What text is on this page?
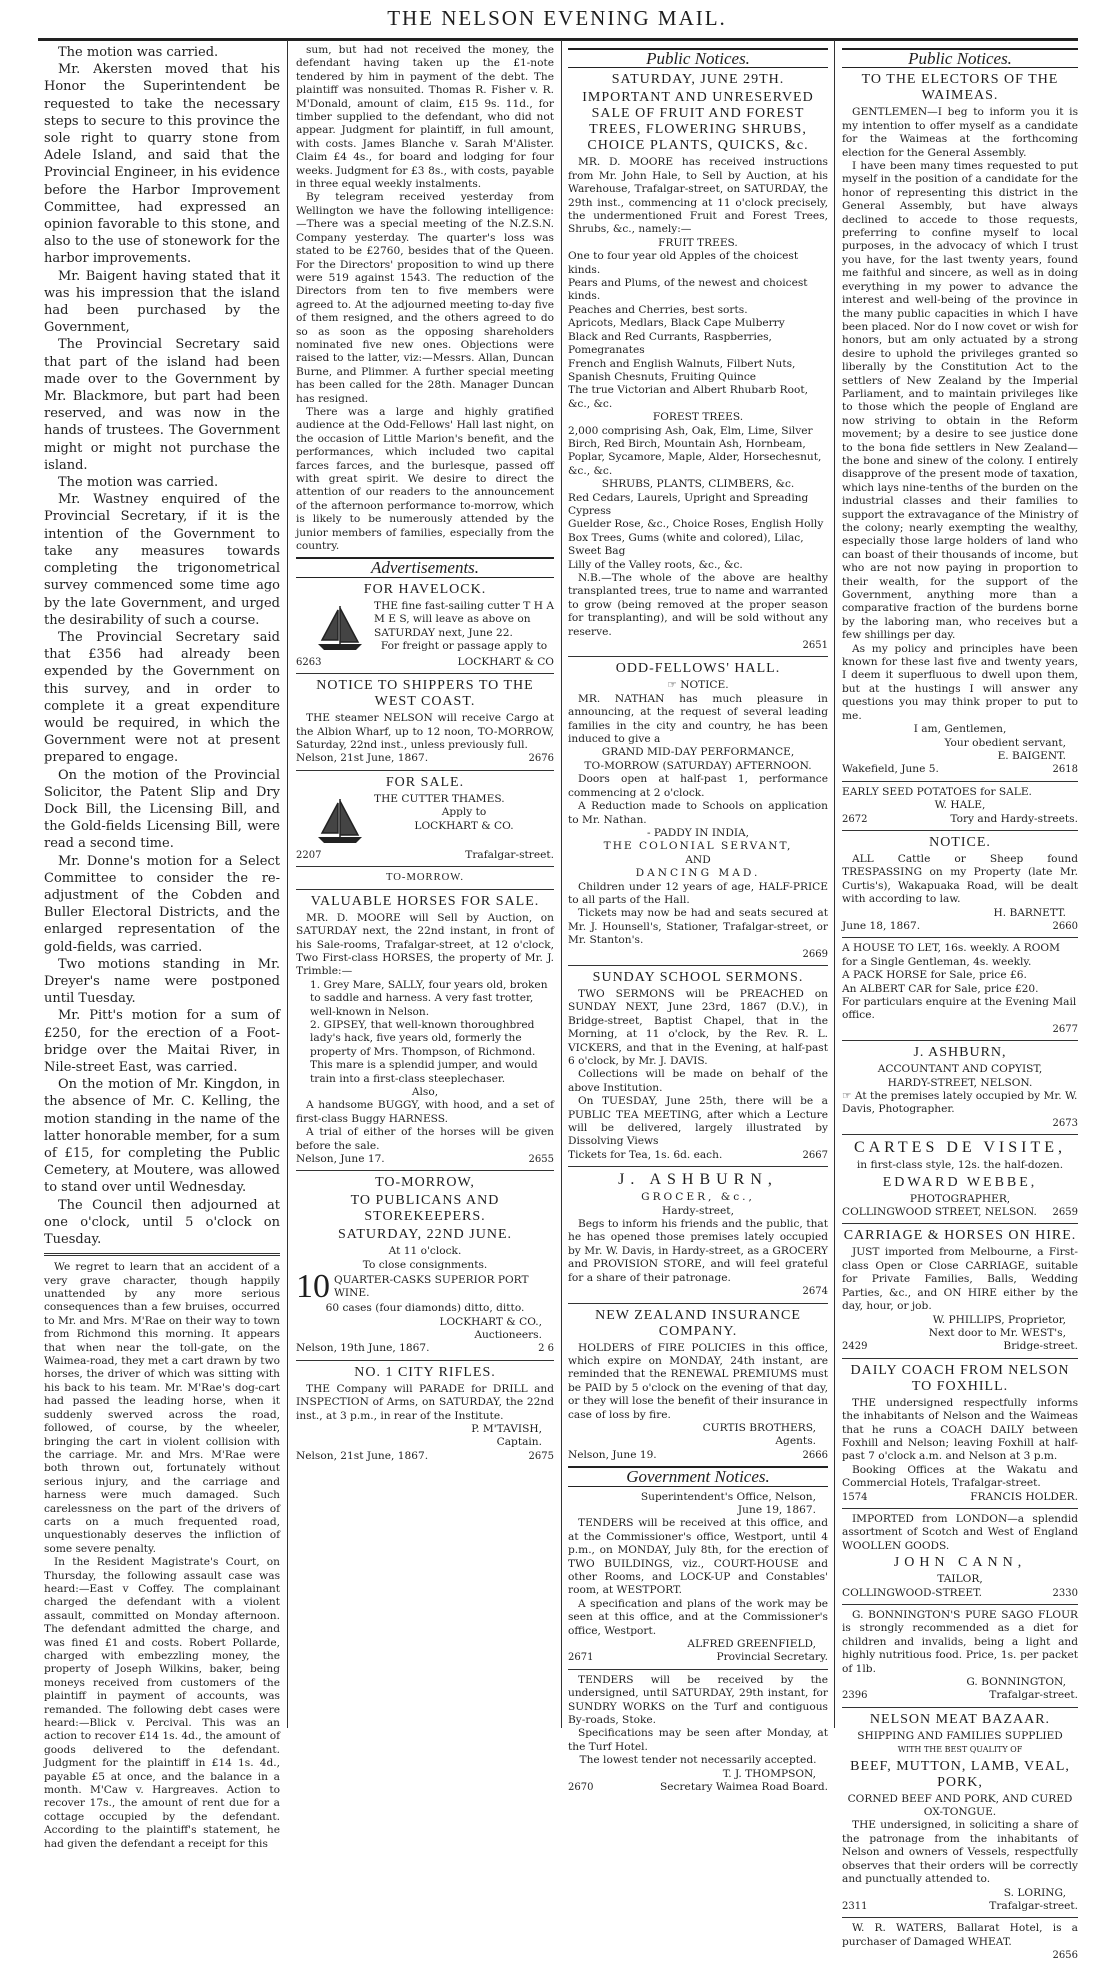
THE NELSON EVENING MAIL.

The motion was carried.

Mr. Akersten moved that his Honor the Superintendent be requested to take the necessary steps to secure to this province the sole right to quarry stone from Adele Island, and said that the Provincial Engineer, in his evidence before the Harbor Improvement Committee, had expressed an opinion favorable to this stone, and also to the use of stonework for the harbor improvements.

Mr. Baigent having stated that it was his impression that the island had been purchased by the Government,

The Provincial Secretary said that part of the island had been made over to the Government by Mr. Blackmore, but part had been reserved, and was now in the hands of trustees. The Government might or might not purchase the island.

The motion was carried.

Mr. Wastney enquired of the Provincial Secretary, if it is the intention of the Government to take any measures towards completing the trigonometrical survey commenced some time ago by the late Government, and urged the desirability of such a course.

The Provincial Secretary said that £356 had already been expended by the Government on this survey, and in order to complete it a great expenditure would be required, in which the Government were not at present prepared to engage.

On the motion of the Provincial Solicitor, the Patent Slip and Dry Dock Bill, the Licensing Bill, and the Gold-fields Licensing Bill, were read a second time.

Mr. Donne's motion for a Select Committee to consider the re-adjustment of the Cobden and Buller Electoral Districts, and the enlarged representation of the gold-fields, was carried.

Two motions standing in Mr. Dreyer's name were postponed until Tuesday.

Mr. Pitt's motion for a sum of £250, for the erection of a Foot-bridge over the Maitai River, in Nile-street East, was carried.

On the motion of Mr. Kingdon, in the absence of Mr. C. Kelling, the motion standing in the name of the latter honorable member, for a sum of £15, for completing the Public Cemetery, at Moutere, was allowed to stand over until Wednesday.

The Council then adjourned at one o'clock, until 5 o'clock on Tuesday.

We regret to learn that an accident of a very grave character, though happily unattended by any more serious consequences than a few bruises, occurred to Mr. and Mrs. M'Rae on their way to town from Richmond this morning. It appears that when near the toll-gate, on the Waimea-road, they met a cart drawn by two horses, the driver of which was sitting with his back to his team. Mr. M'Rae's dog-cart had passed the leading horse, when it suddenly swerved across the road, followed, of course, by the wheeler, bringing the cart in violent collision with the carriage. Mr. and Mrs. M'Rae were both thrown out, fortunately without serious injury, and the carriage and harness were much damaged. Such carelessness on the part of the drivers of carts on a much frequented road, unquestionably deserves the infliction of some severe penalty.

In the Resident Magistrate's Court, on Thursday, the following assault case was heard:—East v Coffey. The complainant charged the defendant with a violent assault, committed on Monday afternoon. The defendant admitted the charge, and was fined £1 and costs. Robert Pollarde, charged with embezzling money, the property of Joseph Wilkins, baker, being moneys received from customers of the plaintiff in payment of accounts, was remanded. The following debt cases were heard:—Blick v. Percival. This was an action to recover £14 1s. 4d., the amount of goods delivered to the defendant. Judgment for the plaintiff in £14 1s. 4d., payable £5 at once, and the balance in a month. M'Caw v. Hargreaves. Action to recover 17s., the amount of rent due for a cottage occupied by the defendant. According to the plaintiff's statement, he had given the defendant a receipt for this

sum, but had not received the money, the defendant having taken up the £1-note tendered by him in payment of the debt. The plaintiff was nonsuited. Thomas R. Fisher v. R. M'Donald, amount of claim, £15 9s. 11d., for timber supplied to the defendant, who did not appear. Judgment for plaintiff, in full amount, with costs. James Blanche v. Sarah M'Alister. Claim £4 4s., for board and lodging for four weeks. Judgment for £3 8s., with costs, payable in three equal weekly instalments.

By telegram received yesterday from Wellington we have the following intelligence:—There was a special meeting of the N.Z.S.N. Company yesterday. The quarter's loss was stated to be £2760, besides that of the Queen. For the Directors' proposition to wind up there were 519 against 1543. The reduction of the Directors from ten to five members were agreed to. At the adjourned meeting to-day five of them resigned, and the others agreed to do so as soon as the opposing shareholders nominated five new ones. Objections were raised to the latter, viz:—Messrs. Allan, Duncan Burne, and Plimmer. A further special meeting has been called for the 28th. Manager Duncan has resigned.

There was a large and highly gratified audience at the Odd-Fellows' Hall last night, on the occasion of Little Marion's benefit, and the performances, which included two capital farces farces, and the burlesque, passed off with great spirit. We desire to direct the attention of our readers to the announcement of the afternoon performance to-morrow, which is likely to be numerously attended by the junior members of families, especially from the country.

Advertisements.
FOR HAVELOCK.
THE fine fast-sailing cutter T H A M E S, will leave as above on SATURDAY next, June 22.
For freight or passage apply to
6263	LOCKHART & CO
NOTICE TO SHIPPERS TO THE WEST COAST.

THE steamer NELSON will receive Cargo at the Albion Wharf, up to 12 noon, TO-MORROW, Saturday, 22nd inst., unless previously full.

Nelson, 21st June, 1867.	2676
FOR SALE.
THE CUTTER THAMES.
Apply to
LOCKHART & CO.
2207	Trafalgar-street.
TO-MORROW.
VALUABLE HORSES FOR SALE.

MR. D. MOORE will Sell by Auction, on SATURDAY next, the 22nd instant, in front of his Sale-rooms, Trafalgar-street, at 12 o'clock, Two First-class HORSES, the property of Mr. J. Trimble:—

1. Grey Mare, SALLY, four years old, broken to saddle and harness. A very fast trotter, well-known in Nelson.
2. GIPSEY, that well-known thoroughbred lady's hack, five years old, formerly the property of Mrs. Thompson, of Richmond. This mare is a splendid jumper, and would train into a first-class steeplechaser.
Also,

A handsome BUGGY, with hood, and a set of first-class Buggy HARNESS.

A trial of either of the horses will be given before the sale.

Nelson, June 17.	2655
TO-MORROW,
TO PUBLICANS AND STOREKEEPERS.
SATURDAY, 22ND JUNE.
At 11 o'clock.
To close consignments.
10 QUARTER-CASKS SUPERIOR PORT WINE.
60 cases (four diamonds) ditto, ditto.
LOCKHART & CO.,
Auctioneers.
Nelson, 19th June, 1867.	2 6
NO. 1 CITY RIFLES.

THE Company will PARADE for DRILL and INSPECTION of Arms, on SATURDAY, the 22nd inst., at 3 p.m., in rear of the Institute.

P. M'TAVISH,
Captain.
Nelson, 21st June, 1867.	2675
Public Notices.
SATURDAY, JUNE 29TH.
IMPORTANT AND UNRESERVED SALE OF FRUIT AND FOREST TREES, FLOWERING SHRUBS, CHOICE PLANTS, QUICKS, &c.

MR. D. MOORE has received instructions from Mr. John Hale, to Sell by Auction, at his Warehouse, Trafalgar-street, on SATURDAY, the 29th inst., commencing at 11 o'clock precisely, the undermentioned Fruit and Forest Trees, Shrubs, &c., namely:—

FRUIT TREES.
One to four year old Apples of the choicest kinds.
Pears and Plums, of the newest and choicest kinds.
Peaches and Cherries, best sorts.
Apricots, Medlars, Black Cape Mulberry
Black and Red Currants, Raspberries, Pomegranates
French and English Walnuts, Filbert Nuts, Spanish Chesnuts, Fruiting Quince
The true Victorian and Albert Rhubarb Root, &c., &c.
FOREST TREES.
2,000 comprising Ash, Oak, Elm, Lime, Silver Birch, Red Birch, Mountain Ash, Hornbeam, Poplar, Sycamore, Maple, Alder, Horsechesnut, &c., &c.
SHRUBS, PLANTS, CLIMBERS, &c.
Red Cedars, Laurels, Upright and Spreading Cypress
Guelder Rose, &c., Choice Roses, English Holly
Box Trees, Gums (white and colored), Lilac, Sweet Bag
Lilly of the Valley roots, &c., &c.

N.B.—The whole of the above are healthy transplanted trees, true to name and warranted to grow (being removed at the proper season for transplanting), and will be sold without any reserve.

2651
ODD-FELLOWS' HALL.
☞ NOTICE.

MR. NATHAN has much pleasure in announcing, at the request of several leading families in the city and country, he has been induced to give a

GRAND MID-DAY PERFORMANCE,
TO-MORROW (SATURDAY) AFTERNOON.

Doors open at half-past 1, performance commencing at 2 o'clock.

A Reduction made to Schools on application to Mr. Nathan.

- PADDY IN INDIA,
THE COLONIAL SERVANT,
AND
DANCING MAD.

Children under 12 years of age, HALF-PRICE to all parts of the Hall.

Tickets may now be had and seats secured at Mr. J. Hounsell's, Stationer, Trafalgar-street, or Mr. Stanton's.

2669
SUNDAY SCHOOL SERMONS.

TWO SERMONS will be PREACHED on SUNDAY NEXT, June 23rd, 1867 (D.V.), in Bridge-street, Baptist Chapel, that in the Morning, at 11 o'clock, by the Rev. R. L. VICKERS, and that in the Evening, at half-past 6 o'clock, by Mr. J. DAVIS.

Collections will be made on behalf of the above Institution.

On TUESDAY, June 25th, there will be a PUBLIC TEA MEETING, after which a Lecture will be delivered, largely illustrated by Dissolving Views

Tickets for Tea, 1s. 6d. each.	2667
J. ASHBURN,
GROCER, &c.,
Hardy-street,

Begs to inform his friends and the public, that he has opened those premises lately occupied by Mr. W. Davis, in Hardy-street, as a GROCERY and PROVISION STORE, and will feel grateful for a share of their patronage.

2674
NEW ZEALAND INSURANCE COMPANY.

HOLDERS of FIRE POLICIES in this office, which expire on MONDAY, 24th instant, are reminded that the RENEWAL PREMIUMS must be PAID by 5 o'clock on the evening of that day, or they will lose the benefit of their insurance in case of loss by fire.

CURTIS BROTHERS,
Agents.
Nelson, June 19.	2666
Government Notices.
Superintendent's Office, Nelson,
June 19, 1867.

TENDERS will be received at this office, and at the Commissioner's office, Westport, until 4 p.m., on MONDAY, July 8th, for the erection of TWO BUILDINGS, viz., COURT-HOUSE and other Rooms, and LOCK-UP and Constables' room, at WESTPORT.

A specification and plans of the work may be seen at this office, and at the Commissioner's office, Westport.

ALFRED GREENFIELD,
2671	Provincial Secretary.

TENDERS will be received by the undersigned, until SATURDAY, 29th instant, for SUNDRY WORKS on the Turf and contiguous By-roads, Stoke.

Specifications may be seen after Monday, at the Turf Hotel.

The lowest tender not necessarily accepted.
T. J. THOMPSON,
2670	Secretary Waimea Road Board.
Public Notices.
TO THE ELECTORS OF THE WAIMEAS.

GENTLEMEN—I beg to inform you it is my intention to offer myself as a candidate for the Waimeas at the forthcoming election for the General Assembly.

I have been many times requested to put myself in the position of a candidate for the honor of representing this district in the General Assembly, but have always declined to accede to those requests, preferring to confine myself to local purposes, in the advocacy of which I trust you have, for the last twenty years, found me faithful and sincere, as well as in doing everything in my power to advance the interest and well-being of the province in the many public capacities in which I have been placed. Nor do I now covet or wish for honors, but am only actuated by a strong desire to uphold the privileges granted so liberally by the Constitution Act to the settlers of New Zealand by the Imperial Parliament, and to maintain privileges like to those which the people of England are now striving to obtain in the Reform movement; by a desire to see justice done to the bona fide settlers in New Zealand—the bone and sinew of the colony. I entirely disapprove of the present mode of taxation, which lays nine-tenths of the burden on the industrial classes and their families to support the extravagance of the Ministry of the colony; nearly exempting the wealthy, especially those large holders of land who can boast of their thousands of income, but who are not now paying in proportion to their wealth, for the support of the Government, anything more than a comparative fraction of the burdens borne by the laboring man, who receives but a few shillings per day.

As my policy and principles have been known for these last five and twenty years, I deem it superfluous to dwell upon them, but at the hustings I will answer any questions you may think proper to put to me.

I am, Gentlemen,
Your obedient servant,
E. BAIGENT.
Wakefield, June 5.	2618
EARLY SEED POTATOES for SALE.
W. HALE,
2672	Tory and Hardy-streets.
NOTICE.

ALL Cattle or Sheep found TRESPASSING on my Property (late Mr. Curtis's), Wakapuaka Road, will be dealt with according to law.

H. BARNETT.
June 18, 1867.	2660
A HOUSE TO LET, 16s. weekly. A ROOM for a Single Gentleman, 4s. weekly.
A PACK HORSE for Sale, price £6.
An ALBERT CAR for Sale, price £20.
For particulars enquire at the Evening Mail office.
2677
J. ASHBURN,
ACCOUNTANT AND COPYIST,
HARDY-STREET, NELSON.
☞ At the premises lately occupied by Mr. W. Davis, Photographer.
2673
CARTES DE VISITE,
in first-class style, 12s. the half-dozen.
EDWARD WEBBE,
PHOTOGRAPHER,
COLLINGWOOD STREET, NELSON. 2659
CARRIAGE & HORSES ON HIRE.

JUST imported from Melbourne, a First-class Open or Close CARRIAGE, suitable for Private Families, Balls, Wedding Parties, &c., and ON HIRE either by the day, hour, or job.

W. PHILLIPS, Proprietor,
Next door to Mr. WEST's,
2429	Bridge-street.
DAILY COACH FROM NELSON TO FOXHILL.

THE undersigned respectfully informs the inhabitants of Nelson and the Waimeas that he runs a COACH DAILY between Foxhill and Nelson; leaving Foxhill at half-past 7 o'clock a.m. and Nelson at 3 p.m.

Booking Offices at the Wakatu and Commercial Hotels, Trafalgar-street.

1574	FRANCIS HOLDER.

IMPORTED from LONDON—a splendid assortment of Scotch and West of England WOOLLEN GOODS.

JOHN CANN,
TAILOR,
COLLINGWOOD-STREET.	2330

G. BONNINGTON'S PURE SAGO FLOUR is strongly recommended as a diet for children and invalids, being a light and highly nutritious food. Price, 1s. per packet of 1lb.

G. BONNINGTON,
2396	Trafalgar-street.
NELSON MEAT BAZAAR.
SHIPPING AND FAMILIES SUPPLIED
WITH THE BEST QUALITY OF
BEEF, MUTTON, LAMB, VEAL, PORK,
CORNED BEEF AND PORK, AND CURED OX-TONGUE.

THE undersigned, in soliciting a share of the patronage from the inhabitants of Nelson and owners of Vessels, respectfully observes that their orders will be correctly and punctually attended to.

S. LORING,
2311	Trafalgar-street.

W. R. WATERS, Ballarat Hotel, is a purchaser of Damaged WHEAT.

2656
